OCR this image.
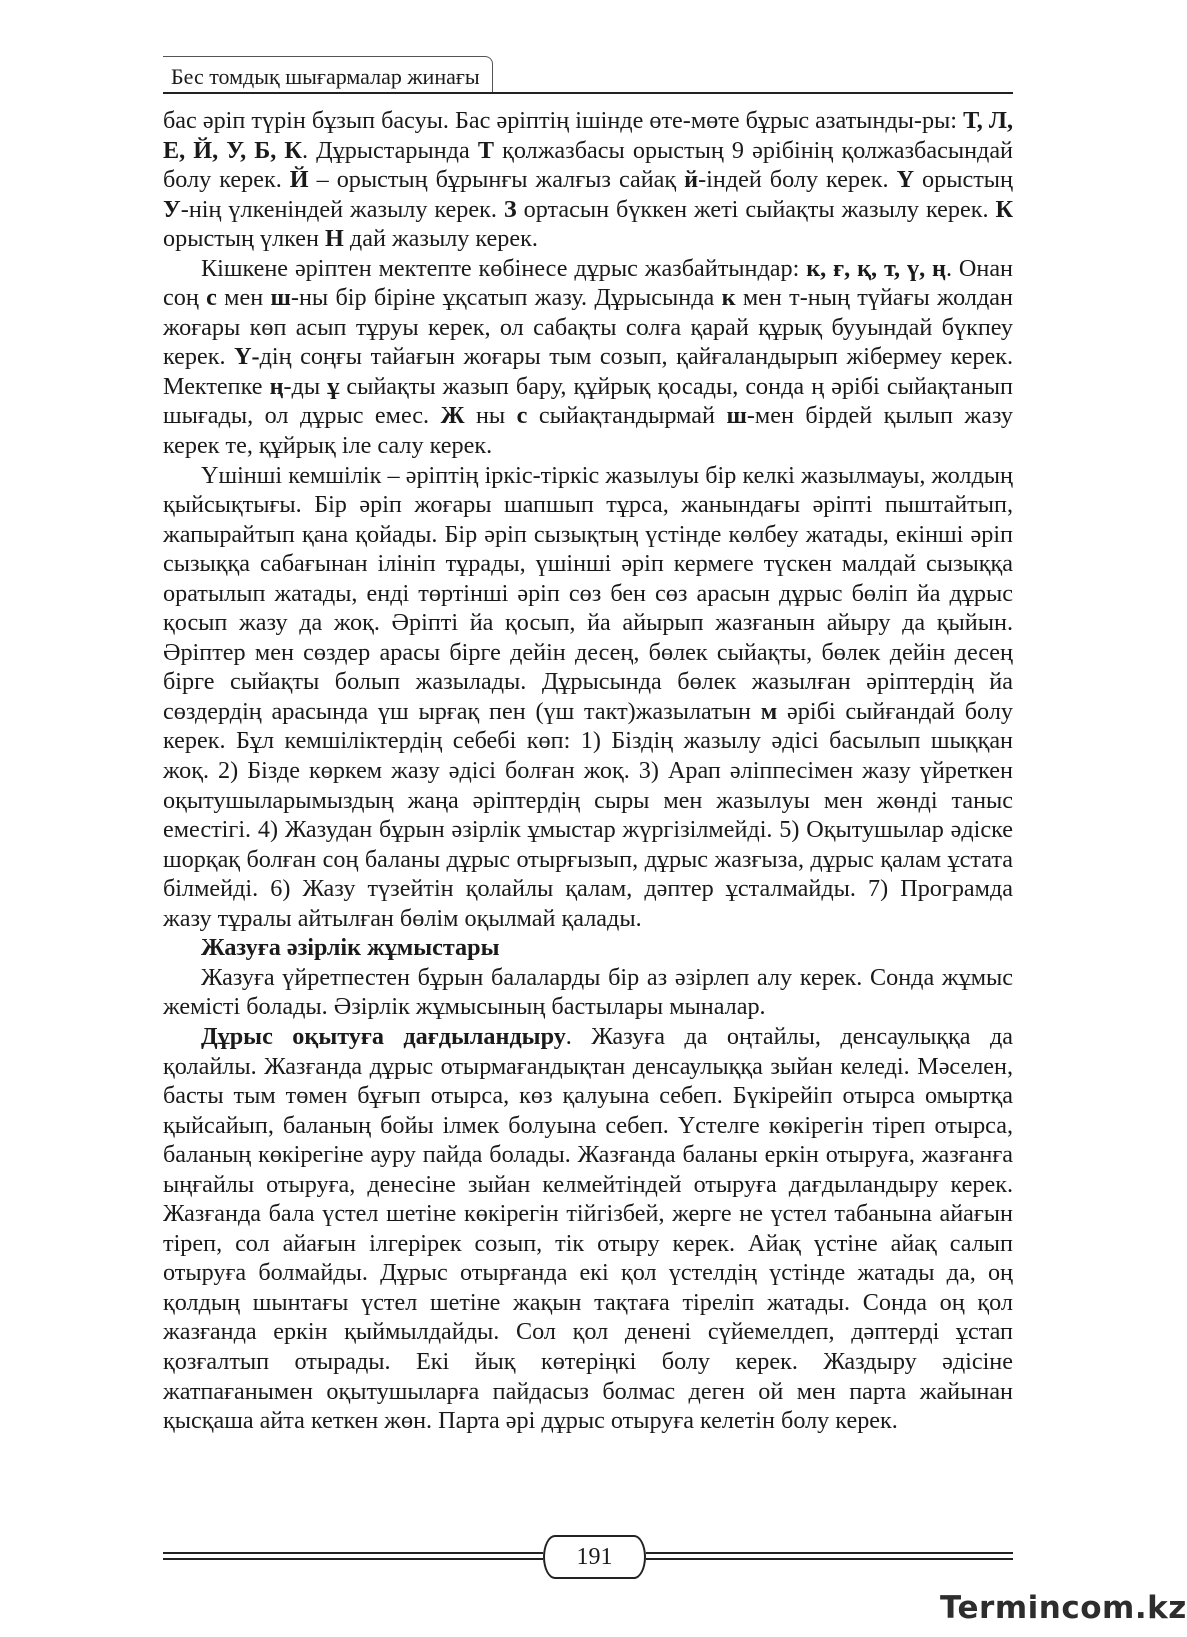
Бес томдық шығармалар жинағы

бас әріп түрін бұзып басуы. Бас әріптің ішінде өте-мөте бұрыс азатынды-ры: Т, Л, Е, Й, У, Б, К. Дұрыстарында Т қолжазбасы орыстың 9 әрібінің қолжазбасындай болу керек. Й – орыстың бұрынғы жалғыз сайақ й-індей болу керек. Ү орыстың У-нің үлкеніндей жазылу керек. З ортасын бүккен жеті сыйақты жазылу керек. К орыстың үлкен Н дай жазылу керек.

Кішкене әріптен мектепте көбінесе дұрыс жазбайтындар: к, ғ, қ, т, ү, ң. Онан соң с мен ш-ны бір біріне ұқсатып жазу. Дұрысында к мен т-ның түйағы жолдан жоғары көп асып тұруы керек, ол сабақты солға қарай құрық бууындай бүкпеу керек. Ү-дің соңғы тайағын жоғары тым созып, қайғаландырып жібермеу керек. Мектепке ң-ды ұ сыйақты жазып бару, құйрық қосады, сонда ң әрібі сыйақтанып шығады, ол дұрыс емес. Ж ны с сыйақтандырмай ш-мен бірдей қылып жазу керек те, құйрық іле салу керек.

Үшінші кемшілік – әріптің іркіс-тіркіс жазылуы бір келкі жазылмауы, жолдың қыйсықтығы. Бір әріп жоғары шапшып тұрса, жанындағы әріпті пыштайтып, жапырайтып қана қойады. Бір әріп сызықтың үстінде көлбеу жатады, екінші әріп сызыққа сабағынан ілініп тұрады, үшінші әріп кермеге түскен малдай сызыққа оратылып жатады, енді төртінші әріп сөз бен сөз арасын дұрыс бөліп йа дұрыс қосып жазу да жоқ. Әріпті йа қосып, йа айырып жазғанын айыру да қыйын. Әріптер мен сөздер арасы бірге дейін десең, бөлек сыйақты, бөлек дейін десең бірге сыйақты болып жазылады. Дұрысында бөлек жазылған әріптердің йа сөздердің арасында үш ырғақ пен (үш такт)жазылатын м әрібі сыйғандай болу керек. Бұл кемшіліктердің себебі көп: 1) Біздің жазылу әдісі басылып шыққан жоқ. 2) Бізде көркем жазу әдісі болған жоқ. 3) Арап әліппесімен жазу үйреткен оқытушыларымыздың жаңа әріптердің сыры мен жазылуы мен жөнді таныс еместігі. 4) Жазудан бұрын әзірлік ұмыстар жүргізілмейді. 5) Оқытушылар әдіске шорқақ болған соң баланы дұрыс отырғызып, дұрыс жазғыза, дұрыс қалам ұстата білмейді. 6) Жазу түзейтін қолайлы қалам, дәптер ұсталмайды. 7) Програмда жазу тұралы айтылған бөлім оқылмай қалады.

Жазуға әзірлік жұмыстары

Жазуға үйретпестен бұрын балаларды бір аз әзірлеп алу керек. Сонда жұмыс жемісті болады. Әзірлік жұмысының бастылары мыналар.

Дұрыс оқытуға дағдыландыру. Жазуға да оңтайлы, денсаулыққа да қолайлы. Жазғанда дұрыс отырмағандықтан денсаулыққа зыйан келеді. Мәселен, басты тым төмен бұғып отырса, көз қалуына себеп. Бүкірейіп отырса омыртқа қыйсайып, баланың бойы ілмек болуына себеп. Үстелге көкірегін тіреп отырса, баланың көкірегіне ауру пайда болады. Жазғанда баланы еркін отыруға, жазғанға ыңғайлы отыруға, денесіне зыйан келмейтіндей отыруға дағдыландыру керек. Жазғанда бала үстел шетіне көкірегін тійгізбей, жерге не үстел табанына айағын тіреп, сол айағын ілгерірек созып, тік отыру керек. Айақ үстіне айақ салып отыруға болмайды. Дұрыс отырғанда екі қол үстелдің үстінде жатады да, оң қолдың шынтағы үстел шетіне жақын тақтаға тіреліп жатады. Сонда оң қол жазғанда еркін қыймылдайды. Сол қол денені сүйемелдеп, дәптерді ұстап қозғалтып отырады. Екі йық көтеріңкі болу керек. Жаздыру әдісіне жатпағанымен оқытушыларға пайдасыз болмас деген ой мен парта жайынан қысқаша айта кеткен жөн. Парта әрі дұрыс отыруға келетін болу керек.

191
Termincom.kz
